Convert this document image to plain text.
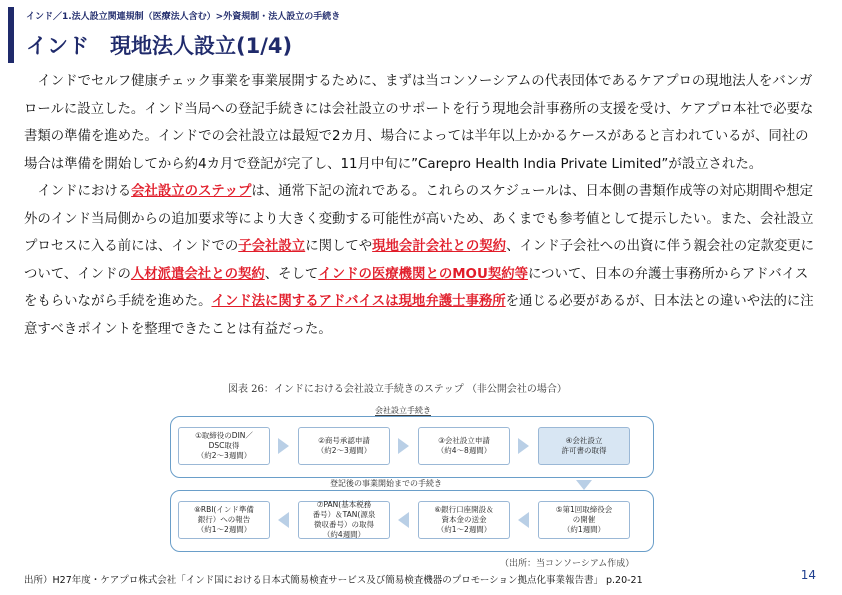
インド／1.法人設立関連規制（医療法人含む）>外資規制・法人設立の手続き
インド　現地法人設立(1/4)

インドでセルフ健康チェック事業を事業展開するために、まずは当コンソーシアムの代表団体であるケアプロの現地法人をバンガロールに設立した。インド当局への登記手続きには会社設立のサポートを行う現地会計事務所の支援を受け、ケアプロ本社で必要な書類の準備を進めた。インドでの会社設立は最短で2カ月、場合によっては半年以上かかるケースがあると言われているが、同社の場合は準備を開始してから約4カ月で登記が完了し、11月中旬に”Carepro Health India Private Limited”が設立された。

インドにおける会社設立のステップは、通常下記の流れである。これらのスケジュールは、日本側の書類作成等の対応期間や想定外のインド当局側からの追加要求等により大きく変動する可能性が高いため、あくまでも参考値として提示したい。また、会社設立プロセスに入る前には、インドでの子会社設立に関してや現地会計会社との契約、インド子会社への出資に伴う親会社の定款変更について、インドの人材派遣会社との契約、そしてインドの医療機関とのMOU契約等について、日本の弁護士事務所からアドバイスをもらいながら手続を進めた。インド法に関するアドバイスは現地弁護士事務所を通じる必要があるが、日本法との違いや法的に注意すべきポイントを整理できたことは有益だった。

図表 26：インドにおける会社設立手続きのステップ （非公開会社の場合）
会社設立手続き
①取締役のDIN／
DSC取得
（約2～3週間）
②商号承認申請
（約2～3週間）
③会社設立申請
（約4～8週間）
④会社設立
許可書の取得
登記後の事業開始までの手続き
⑧RBI(インド準備
銀行）への報告
（約1～2週間）
⑦PAN(基本税務
番号）＆TAN(源泉
徴収番号）の取得
（約4週間）
⑥銀行口座開設＆
資本金の送金
（約1～2週間）
⑤第1回取締役会
の開催
（約1週間）
（出所：当コンソーシアム作成）
出所）H27年度・ケアプロ株式会社「インド国における日本式簡易検査サービス及び簡易検査機器のプロモーション拠点化事業報告書」 p.20-21	14
